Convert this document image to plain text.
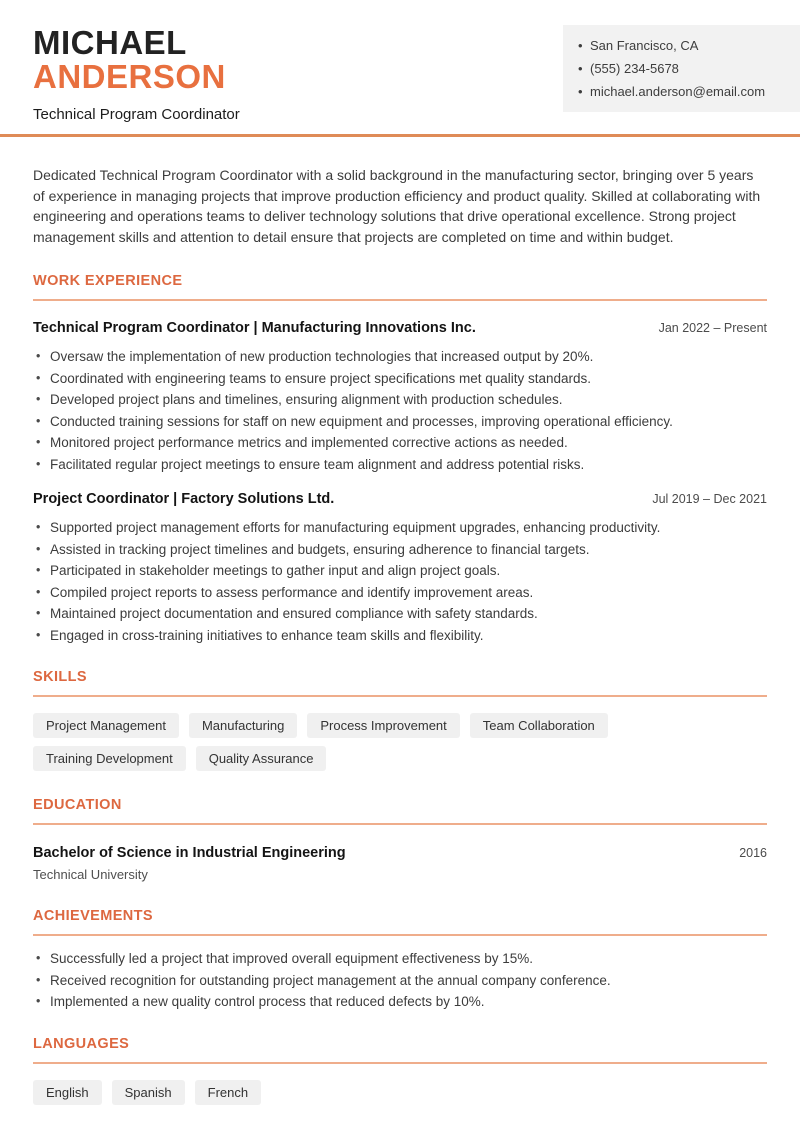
MICHAEL
ANDERSON
Technical Program Coordinator
• San Francisco, CA
• (555) 234-5678
• michael.anderson@email.com

Dedicated Technical Program Coordinator with a solid background in the manufacturing sector, bringing over 5 years of experience in managing projects that improve production efficiency and product quality. Skilled at collaborating with engineering and operations teams to deliver technology solutions that drive operational excellence. Strong project management skills and attention to detail ensure that projects are completed on time and within budget.

WORK EXPERIENCE
Technical Program Coordinator | Manufacturing Innovations Inc.	Jan 2022 – Present
• Oversaw the implementation of new production technologies that increased output by 20%.
• Coordinated with engineering teams to ensure project specifications met quality standards.
• Developed project plans and timelines, ensuring alignment with production schedules.
• Conducted training sessions for staff on new equipment and processes, improving operational efficiency.
• Monitored project performance metrics and implemented corrective actions as needed.
• Facilitated regular project meetings to ensure team alignment and address potential risks.
Project Coordinator | Factory Solutions Ltd.	Jul 2019 – Dec 2021
• Supported project management efforts for manufacturing equipment upgrades, enhancing productivity.
• Assisted in tracking project timelines and budgets, ensuring adherence to financial targets.
• Participated in stakeholder meetings to gather input and align project goals.
• Compiled project reports to assess performance and identify improvement areas.
• Maintained project documentation and ensured compliance with safety standards.
• Engaged in cross-training initiatives to enhance team skills and flexibility.
SKILLS
Project Management	Manufacturing	Process Improvement	Team Collaboration
Training Development	Quality Assurance
EDUCATION
Bachelor of Science in Industrial Engineering	2016
Technical University
ACHIEVEMENTS
• Successfully led a project that improved overall equipment effectiveness by 15%.
• Received recognition for outstanding project management at the annual company conference.
• Implemented a new quality control process that reduced defects by 10%.
LANGUAGES
English	Spanish	French
